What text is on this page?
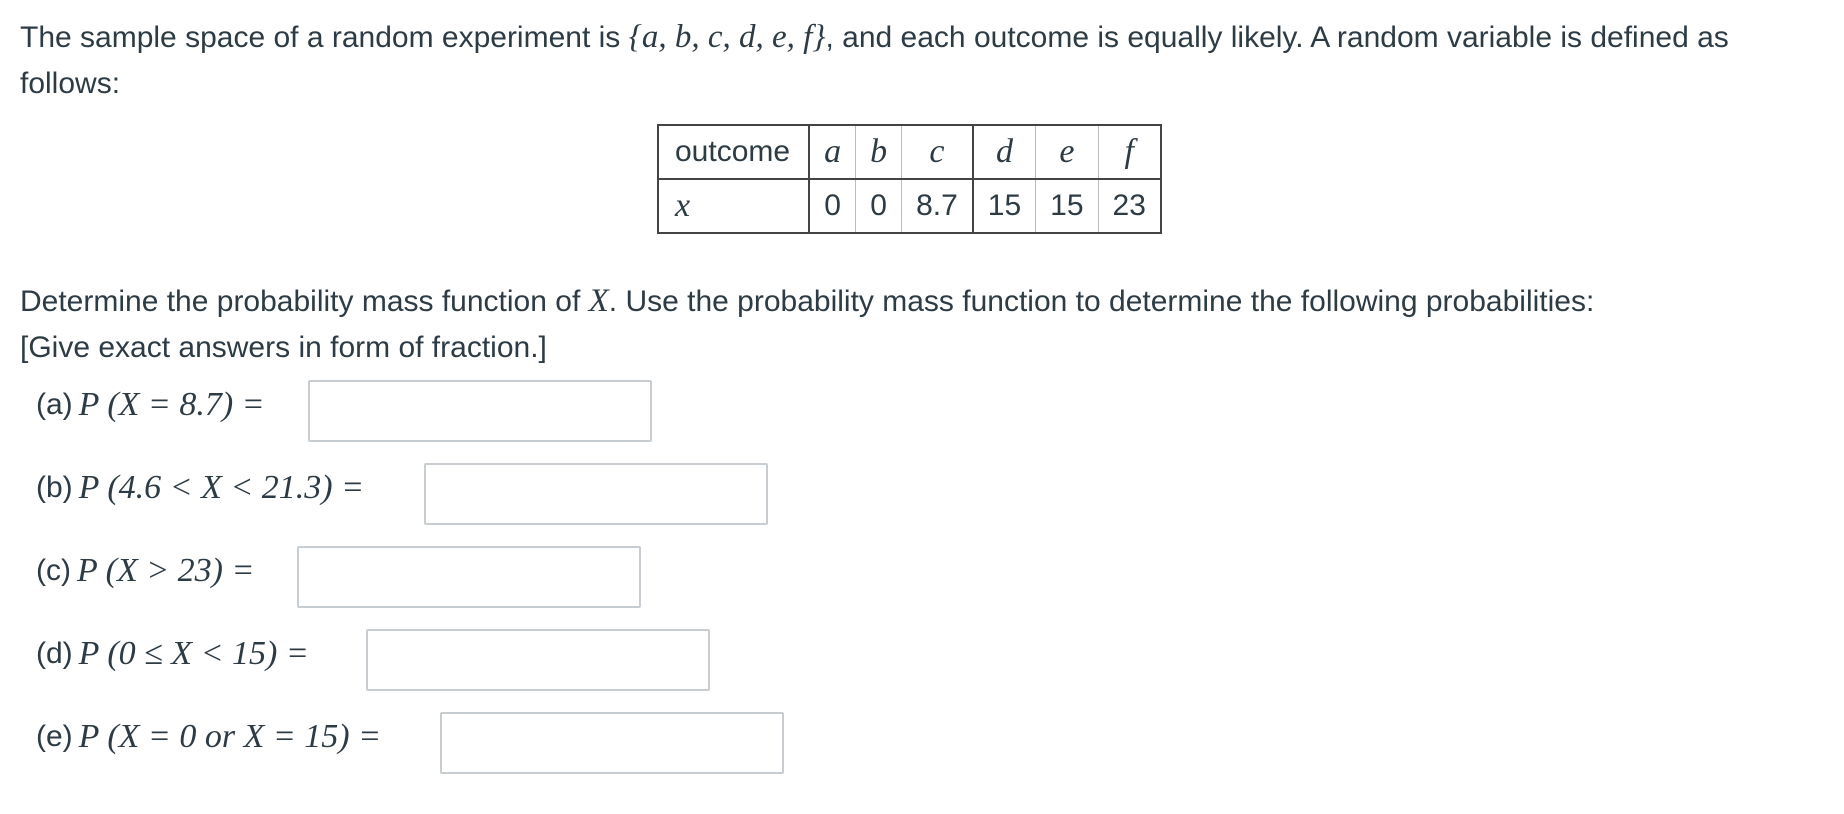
The sample space of a random experiment is {a, b, c, d, e, f}, and each outcome is equally likely. A random variable is defined as follows:

outcome	a	b	c	d	e	f
x	0	0	8.7	15	15	23

Determine the probability mass function of X. Use the probability mass function to determine the following probabilities:

[Give exact answers in form of fraction.]

(a) P (X = 8.7) =
(b) P (4.6 < X < 21.3) =
(c) P (X > 23) =
(d) P (0 ≤ X < 15) =
(e) P (X = 0 or X = 15) =
